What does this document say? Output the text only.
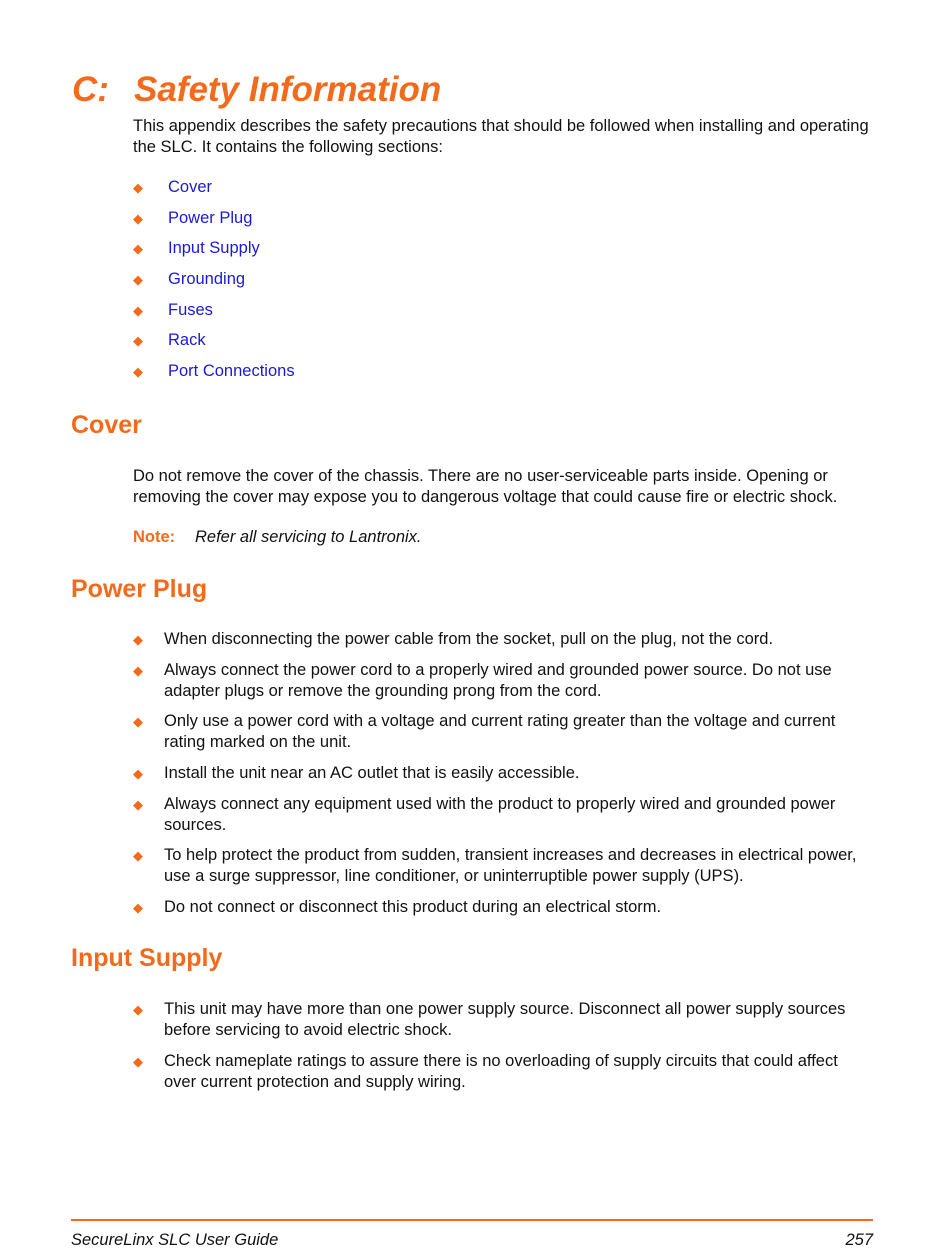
C: Safety Information

This appendix describes the safety precautions that should be followed when installing and operating the SLC. It contains the following sections:

◆	Cover
◆	Power Plug
◆	Input Supply
◆	Grounding
◆	Fuses
◆	Rack
◆	Port Connections
Cover

Do not remove the cover of the chassis. There are no user-serviceable parts inside. Opening or removing the cover may expose you to dangerous voltage that could cause fire or electric shock.

Note: Refer all servicing to Lantronix.
Power Plug
◆	When disconnecting the power cable from the socket, pull on the plug, not the cord.
◆	Always connect the power cord to a properly wired and grounded power source. Do not use adapter plugs or remove the grounding prong from the cord.
◆	Only use a power cord with a voltage and current rating greater than the voltage and current rating marked on the unit.
◆	Install the unit near an AC outlet that is easily accessible.
◆	Always connect any equipment used with the product to properly wired and grounded power sources.
◆	To help protect the product from sudden, transient increases and decreases in electrical power, use a surge suppressor, line conditioner, or uninterruptible power supply (UPS).
◆	Do not connect or disconnect this product during an electrical storm.
Input Supply
◆	This unit may have more than one power supply source. Disconnect all power supply sources before servicing to avoid electric shock.
◆	Check nameplate ratings to assure there is no overloading of supply circuits that could affect over current protection and supply wiring.
SecureLinx SLC User Guide	257
